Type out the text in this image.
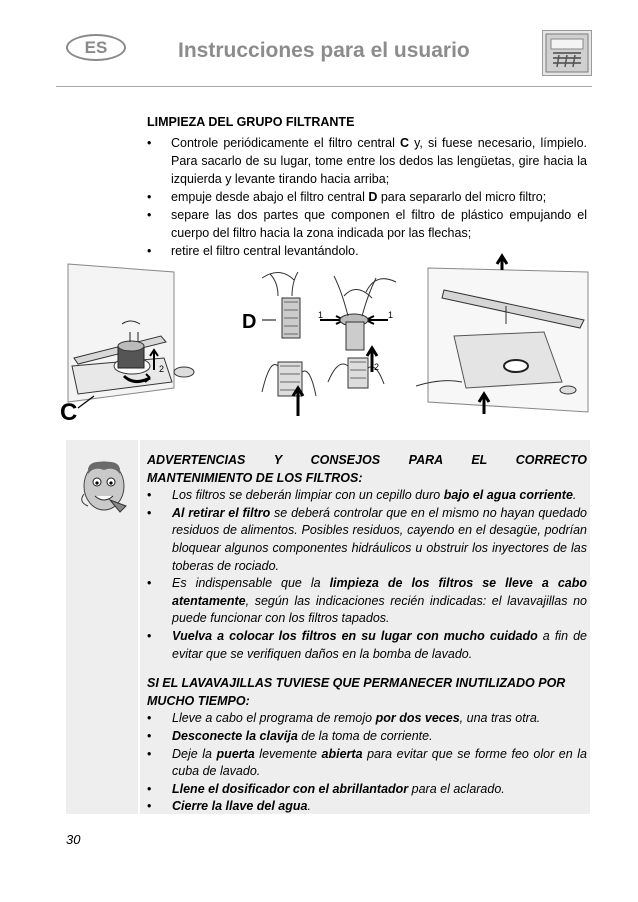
ES	Instrucciones para el usuario
LIMPIEZA DEL GRUPO FILTRANTE
• Controle periódicamente el filtro central C y, si fuese necesario, límpielo. Para sacarlo de su lugar, tome entre los dedos las lengüetas, gire hacia la izquierda y levante tirando hacia arriba;
• empuje desde abajo el filtro central D para separarlo del micro filtro;
• separe las dos partes que componen el filtro de plástico empujando el cuerpo del filtro hacia la zona indicada por las flechas;
• retire el filtro central levantándolo.
2
C
D	1	1
2
ADVERTENCIAS Y CONSEJOS PARA EL CORRECTO
MANTENIMIENTO DE LOS FILTROS:
• Los filtros se deberán limpiar con un cepillo duro bajo el agua corriente.
• Al retirar el filtro se deberá controlar que en el mismo no hayan quedado residuos de alimentos. Posibles residuos, cayendo en el desagüe, podrían bloquear algunos componentes hidráulicos u obstruir los inyectores de las toberas de rociado.
• Es indispensable que la limpieza de los filtros se lleve a cabo atentamente, según las indicaciones recién indicadas: el lavavajillas no puede funcionar con los filtros tapados.
• Vuelva a colocar los filtros en su lugar con mucho cuidado a fin de evitar que se verifiquen daños en la bomba de lavado.
SI EL LAVAVAJILLAS TUVIESE QUE PERMANECER INUTILIZADO POR MUCHO TIEMPO:
• Lleve a cabo el programa de remojo por dos veces, una tras otra.
• Desconecte la clavija de la toma de corriente.
• Deje la puerta levemente abierta para evitar que se forme feo olor en la cuba de lavado.
• Llene el dosificador con el abrillantador para el aclarado.
• Cierre la llave del agua.
30
